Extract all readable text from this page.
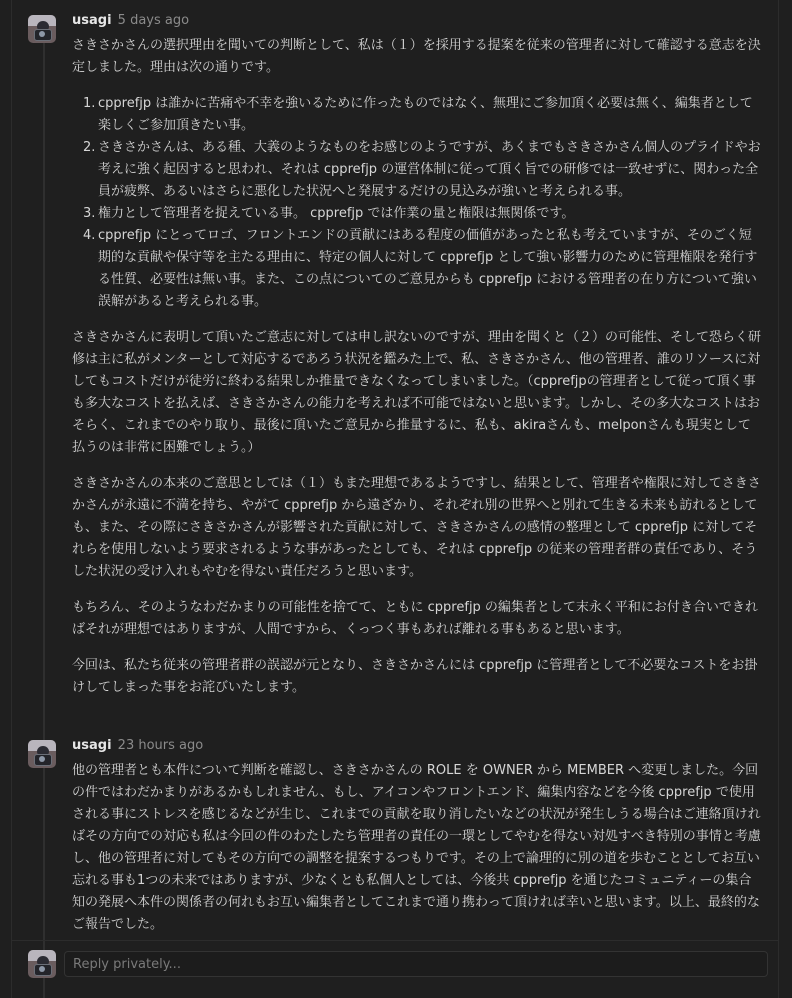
usagi 5 days ago

さきさかさんの選択理由を聞いての判断として、私は（１）を採用する提案を従来の管理者に対して確認する意志を決定しました。理由は次の通りです。

1. cpprefjp は誰かに苦痛や不幸を強いるために作ったものではなく、無理にご参加頂く必要は無く、編集者として楽しくご参加頂きたい事。
2. さきさかさんは、ある種、大義のようなものをお感じのようですが、あくまでもさきさかさん個人のプライドやお考えに強く起因すると思われ、それは cpprefjp の運営体制に従って頂く旨での研修では一致せずに、関わった全員が疲弊、あるいはさらに悪化した状況へと発展するだけの見込みが強いと考えられる事。
3. 権力として管理者を捉えている事。 cpprefjp では作業の量と権限は無関係です。
4. cpprefjp にとってロゴ、フロントエンドの貢献にはある程度の価値があったと私も考えていますが、そのごく短期的な貢献や保守等を主たる理由に、特定の個人に対して cpprefjp として強い影響力のために管理権限を発行する性質、必要性は無い事。また、この点についてのご意見からも cpprefjp における管理者の在り方について強い誤解があると考えられる事。

さきさかさんに表明して頂いたご意志に対しては申し訳ないのですが、理由を聞くと（２）の可能性、そして恐らく研修は主に私がメンターとして対応するであろう状況を鑑みた上で、私、さきさかさん、他の管理者、誰のリソースに対してもコストだけが徒労に終わる結果しか推量できなくなってしまいました。（cpprefjpの管理者として従って頂く事も多大なコストを払えば、さきさかさんの能力を考えれば不可能ではないと思います。しかし、その多大なコストはおそらく、これまでのやり取り、最後に頂いたご意見から推量するに、私も、akiraさんも、melponさんも現実として払うのは非常に困難でしょう。）

さきさかさんの本来のご意思としては（１）もまた理想であるようですし、結果として、管理者や権限に対してさきさかさんが永遠に不満を持ち、やがて cpprefjp から遠ざかり、それぞれ別の世界へと別れて生きる未来も訪れるとしても、また、その際にさきさかさんが影響された貢献に対して、さきさかさんの感情の整理として cpprefjp に対してそれらを使用しないよう要求されるような事があったとしても、それは cpprefjp の従来の管理者群の責任であり、そうした状況の受け入れもやむを得ない責任だろうと思います。

もちろん、そのようなわだかまりの可能性を捨てて、ともに cpprefjp の編集者として末永く平和にお付き合いできればそれが理想ではありますが、人間ですから、くっつく事もあれば離れる事もあると思います。

今回は、私たち従来の管理者群の誤認が元となり、さきさかさんには cpprefjp に管理者として不必要なコストをお掛けしてしまった事をお詫びいたします。

usagi 23 hours ago

他の管理者とも本件について判断を確認し、さきさかさんの ROLE を OWNER から MEMBER へ変更しました。今回の件ではわだかまりがあるかもしれません、もし、アイコンやフロントエンド、編集内容などを今後 cpprefjp で使用される事にストレスを感じるなどが生じ、これまでの貢献を取り消したいなどの状況が発生しうる場合はご連絡頂ければその方向での対応も私は今回の件のわたしたち管理者の責任の一環としてやむを得ない対処すべき特別の事情と考慮し、他の管理者に対してもその方向での調整を提案するつもりです。その上で論理的に別の道を歩むこととしてお互い忘れる事も1つの未来ではありますが、少なくとも私個人としては、今後共 cpprefjp を通じたコミュニティーの集合知の発展へ本件の関係者の何れもお互い編集者としてこれまで通り携わって頂ければ幸いと思います。以上、最終的なご報告でした。

Reply privately...
